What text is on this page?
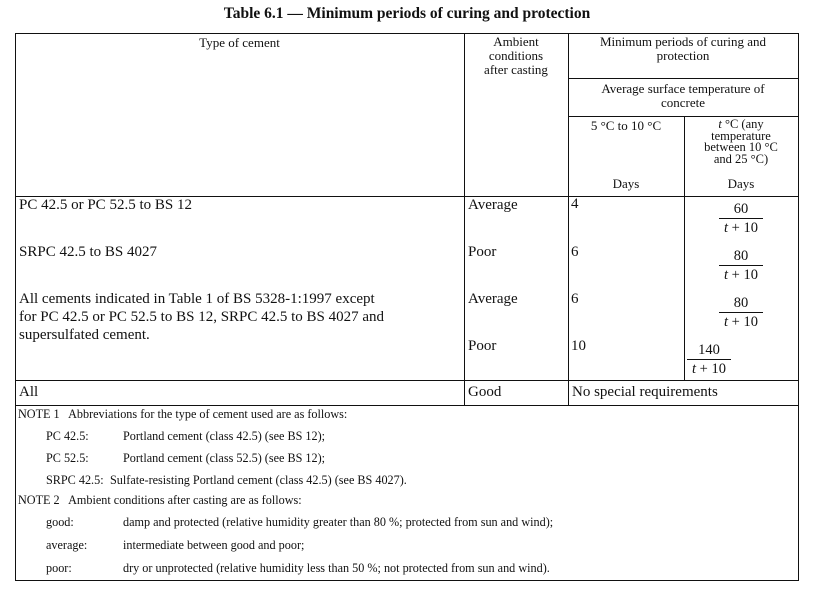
Table 6.1 — Minimum periods of curing and protection
Type of cement	Ambient
conditions
after casting
Minimum periods of curing and
protection
Average surface temperature of
concrete
5 °C to 10 °C	t °C (any
temperature
between 10 °C
and 25 °C)
Days	Days
PC 42.5 or PC 52.5 to BS 12	Average	4	60
t + 10
SRPC 42.5 to BS 4027	Poor	6	80
t + 10
All cements indicated in Table 1 of BS 5328-1:1997 except
for PC 42.5 or PC 52.5 to BS 12, SRPC 42.5 to BS 4027 and
supersulfated cement.
Average	6	80
t + 10
Poor	10	140
t + 10
All	Good	No special requirements
NOTE 1   Abbreviations for the type of cement used are as follows:
PC 42.5:	Portland cement (class 42.5) (see BS 12);
PC 52.5:	Portland cement (class 52.5) (see BS 12);
SRPC 42.5: Sulfate-resisting Portland cement (class 42.5) (see BS 4027).
NOTE 2   Ambient conditions after casting are as follows:
good:	damp and protected (relative humidity greater than 80 %; protected from sun and wind);
average:	intermediate between good and poor;
poor:	dry or unprotected (relative humidity less than 50 %; not protected from sun and wind).
